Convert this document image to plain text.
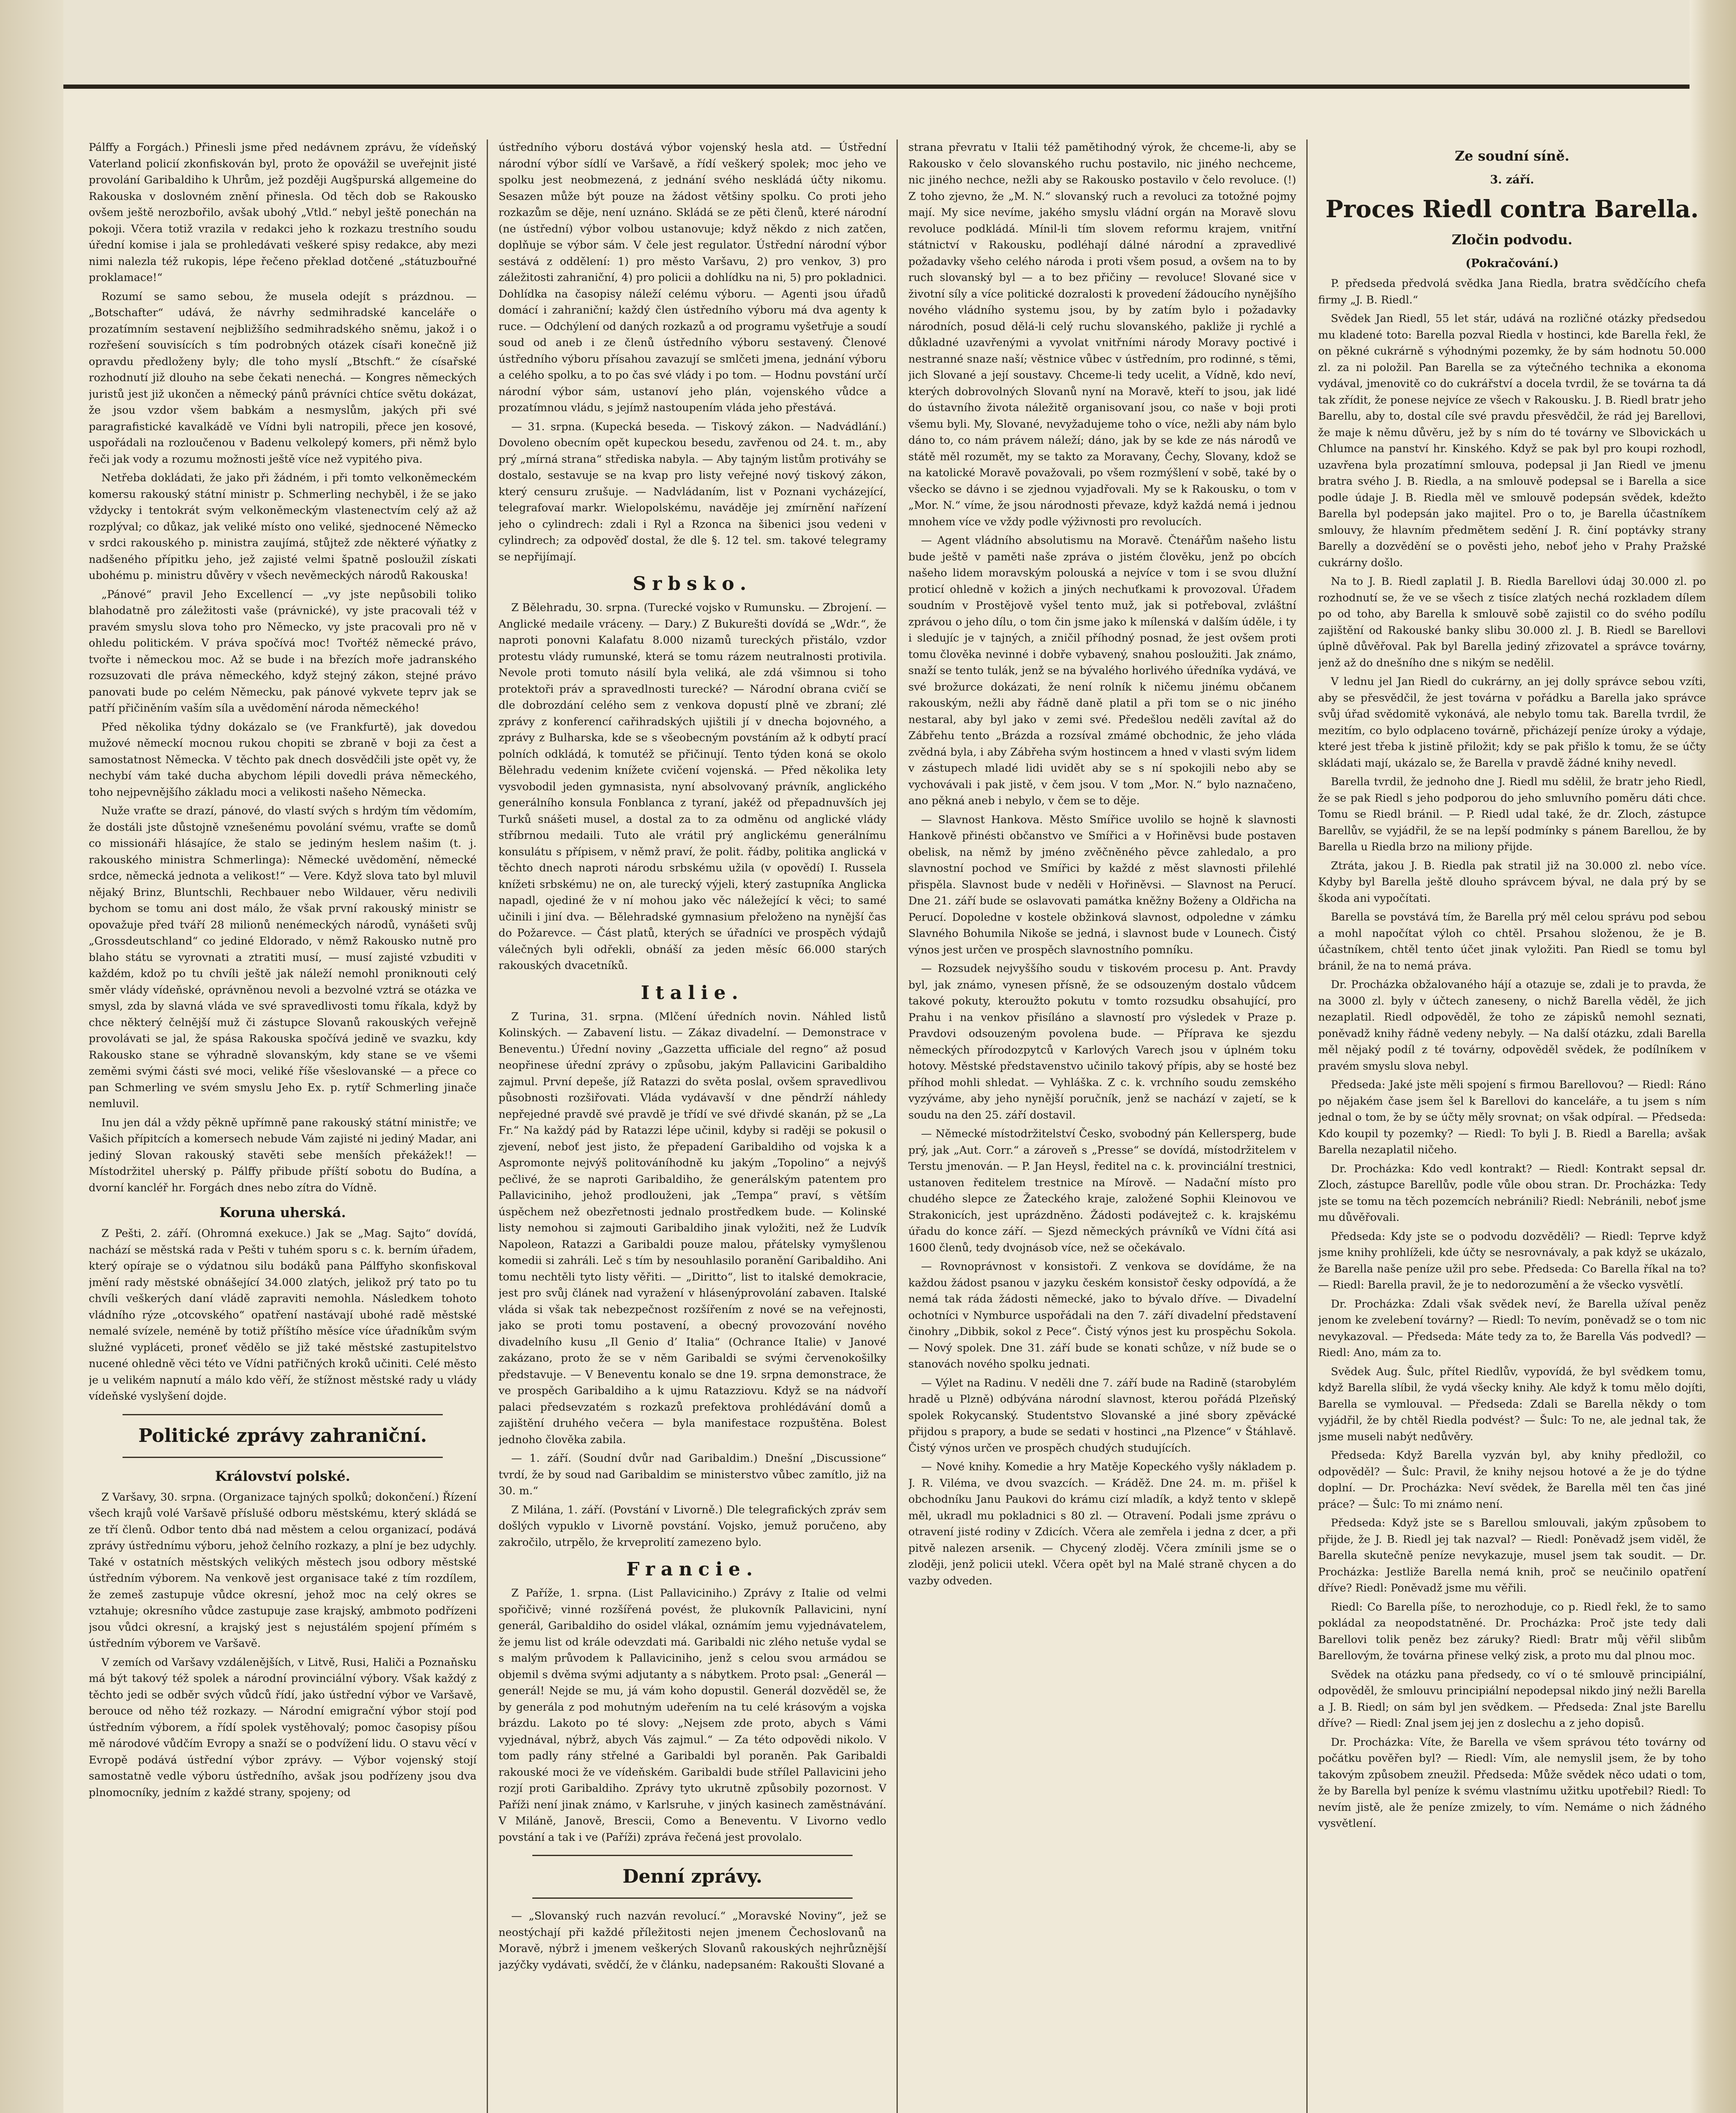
Pálffy a Forgách.) Přinesli jsme před nedávnem zprávu, že vídeňský Vaterland policií zkonfiskován byl, proto že opovážil se uveřejnit jisté provolání Garibaldiho k Uhrům, jež později Augšpurská allgemeine do Rakouska v doslovném znění přinesla. Od těch dob se Rakousko ovšem ještě nerozbořilo, avšak ubohý „Vtld.“ nebyl ještě ponechán na pokoji. Včera totiž vrazila v redakci jeho k rozkazu trestního soudu úřední komise i jala se prohledávati veškeré spisy redakce, aby mezi nimi nalezla též rukopis, lépe řečeno překlad dotčené „státuzbouřné proklamace!“

Rozumí se samo sebou, že musela odejít s prázdnou. — „Botschafter“ udává, že návrhy sedmihradské kanceláře o prozatímním sestavení nejbližšího sedmihradského sněmu, jakož i o rozřešení souvisících s tím podrobných otázek císaři konečně již opravdu předloženy byly; dle toho myslí „Btschft.“ že císařské rozhodnutí již dlouho na sebe čekati nenechá. — Kongres německých juristů jest již ukončen a německý pánů právníci chtíce světu dokázat, že jsou vzdor všem babkám a nesmyslům, jakých při své paragrafistické kavalkádě ve Vídni byli natropili, přece jen kosové, uspořádali na rozloučenou v Badenu velkolepý komers, při němž bylo řeči jak vody a rozumu možnosti ještě více než vypitého piva.

Netřeba dokládati, že jako při žádném, i při tomto velkoněmeckém komersu rakouský státní ministr p. Schmerling nechyběl, i že se jako vždycky i tentokrát svým velkoněmeckým vlastenectvím celý až až rozplýval; co důkaz, jak veliké místo ono veliké, sjednocené Německo v srdci rakouského p. ministra zaujímá, stůjtež zde některé výňatky z nadšeného přípitku jeho, jež zajisté velmi špatně posloužil získati ubohému p. ministru důvěry v všech nevěmeckých národů Rakouska!

„Pánové“ pravil Jeho Excellencí — „vy jste nepůsobili toliko blahodatně pro záležitosti vaše (právnické), vy jste pracovali též v pravém smyslu slova toho pro Německo, vy jste pracovali pro ně v ohledu politickém. V práva spočívá moc! Tvořtéž německé právo, tvořte i německou moc. Až se bude i na březích moře jadranského rozsuzovati dle práva německého, když stejný zákon, stejné právo panovati bude po celém Německu, pak pánové vykvete teprv jak se patří přičiněním vaším síla a uvědomění národa německého!

Před několika týdny dokázalo se (ve Frankfurtě), jak dovedou mužové německí mocnou rukou chopiti se zbraně v boji za čest a samostatnost Německa. V těchto pak dnech dosvědčili jste opět vy, že nechybí vám také ducha abychom lépili dovedli práva německého, toho nejpevnějšího základu moci a velikosti našeho Německa.

Nuže vraťte se drazí, pánové, do vlastí svých s hrdým tím vědomím, že dostáli jste důstojně vznešenému povolání svému, vraťte se domů co missionáři hlásajíce, že stalo se jediným heslem našim (t. j. rakouského ministra Schmerlinga): Německé uvědomění, německé srdce, německá jednota a velikost!“ — Vere. Když slova tato byl mluvil nějaký Brinz, Bluntschli, Rechbauer nebo Wildauer, věru nedivili bychom se tomu ani dost málo, že však první rakouský ministr se opovažuje před tváří 28 milionů nenémeckých národů, vynášeti svůj „Grossdeutschland“ co jediné Eldorado, v němž Rakousko nutně pro blaho státu se vyrovnati a ztratiti musí, — musí zajisté vzbuditi v každém, kdož po tu chvíli ještě jak náleží nemohl proniknouti celý směr vlády vídeňské, oprávněnou nevoli a bezvolné vztrá se otázka ve smysl, zda by slavná vláda ve své spravedlivosti tomu říkala, když by chce některý čelnější muž či zástupce Slovanů rakouských veřejně provolávati se jal, že spása Rakouska spočívá jedině ve svazku, kdy Rakousko stane se výhradně slovanským, kdy stane se ve všemi zeměmi svými části své moci, veliké říše všeslovanské — a přece co pan Schmerling ve svém smyslu Jeho Ex. p. rytíř Schmerling jinače nemluvil.

Inu jen dál a vždy pěkně upřímně pane rakouský státní ministře; ve Vašich přípitcích a komersech nebude Vám zajisté ni jediný Madar, ani jediný Slovan rakouský stavěti sebe menších překážek!! — Místodržitel uherský p. Pálffy přibude příští sobotu do Budína, a dvorní kancléř hr. Forgách dnes nebo zítra do Vídně.

Koruna uherská.

Z Pešti, 2. září. (Ohromná exekuce.) Jak se „Mag. Sajto“ dovídá, nachází se městská rada v Pešti v tuhém sporu s c. k. berním úřadem, který opíraje se o výdatnou silu bodáků pana Pálffyho skonfiskoval jmění rady městské obnášející 34.000 zlatých, jelikož prý tato po tu chvíli veškerých daní vládě zapraviti nemohla. Následkem tohoto vládního rýze „otcovského“ opatření nastávají ubohé radě městské nemalé svízele, neméně by totiž příštího měsíce více úřadníkům svým služné vypláceti, proneť vědělo se již také městské zastupitelstvo nucené ohledně věci této ve Vídni patřičných kroků učiniti. Celé město je u velikém napnutí a málo kdo věří, že stížnost městské rady u vlády vídeňské vyslyšení dojde.

Politické zprávy zahraniční.
Království polské.

Z Varšavy, 30. srpna. (Organizace tajných spolků; dokončení.) Řízení všech krajů volé Varšavě příslušé odboru městskému, který skládá se ze tří členů. Odbor tento dbá nad městem a celou organizací, podává zprávy ústřednímu výboru, jehož čelního rozkazy, a plní je bez udychly. Také v ostatních městských velikých městech jsou odbory městské ústředním výborem. Na venkově jest organisace také z tím rozdílem, že zemeš zastupuje vůdce okresní, jehož moc na celý okres se vztahuje; okresního vůdce zastupuje zase krajský, ambmoto podřízeni jsou vůdci okresní, a krajský jest s nejustálém spojení přímém s ústředním výborem ve Varšavě.

V zemích od Varšavy vzdálenějších, v Litvě, Rusi, Haliči a Poznaňsku má být takový též spolek a národní provinciální výbory. Však každý z těchto jedi se odběr svých vůdců řídí, jako ústřední výbor ve Varšavě, berouce od něho též rozkazy. — Národní emigrační výbor stojí pod ústředním výborem, a řídí spolek vystěhovalý; pomoc časopisy píšou mě národové vůdčím Evropy a snaží se o podvížení lidu. O stavu věcí v Evropě podává ústřední výbor zprávy. — Výbor vojenský stojí samostatně vedle výboru ústředního, avšak jsou podřízeny jsou dva plnomocníky, jedním z každé strany, spojeny; od

ústředního výboru dostává výbor vojenský hesla atd. — Ústřední národní výbor sídlí ve Varšavě, a řídí veškerý spolek; moc jeho ve spolku jest neobmezená, z jednání svého neskládá účty nikomu. Sesazen může být pouze na žádost většiny spolku. Co proti jeho rozkazům se děje, není uznáno. Skládá se ze pěti členů, které národní (ne ústřední) výbor volbou ustanovuje; když někdo z nich zatčen, doplňuje se výbor sám. V čele jest regulator. Ústřední národní výbor sestává z oddělení: 1) pro město Varšavu, 2) pro venkov, 3) pro záležitosti zahraniční, 4) pro policii a dohlídku na ni, 5) pro pokladnici. Dohlídka na časopisy náleží celému výboru. — Agenti jsou úřadů domácí i zahraniční; každý člen ústředního výboru má dva agenty k ruce. — Odchýlení od daných rozkazů a od programu vyšetřuje a soudí soud od aneb i ze členů ústředního výboru sestavený. Členové ústředního výboru přísahou zavazují se smlčeti jmena, jednání výboru a celého spolku, a to po čas své vlády i po tom. — Hodnu povstání určí národní výbor sám, ustanoví jeho plán, vojenského vůdce a prozatímnou vládu, s jejímž nastoupením vláda jeho přestává.

— 31. srpna. (Kupecká beseda. — Tiskový zákon. — Nadvádlání.) Dovoleno obecním opět kupeckou besedu, zavřenou od 24. t. m., aby prý „mírná strana“ střediska nabyla. — Aby tajným listům protiváhy se dostalo, sestavuje se na kvap pro listy veřejné nový tiskový zákon, který censuru zrušuje. — Nadvládaním, list v Poznani vycházející, telegrafovaí markr. Wielopolskému, naváděje jej zmírnění nařízení jeho o cylindrech: zdali i Ryl a Rzonca na šibenici jsou vedeni v cylindrech; za odpověď dostal, že dle §. 12 tel. sm. takové telegramy se nepřijímají.

Srbsko.

Z Bělehradu, 30. srpna. (Turecké vojsko v Rumunsku. — Zbrojení. — Anglické medaile vráceny. — Dary.) Z Bukurešti dovídá se „Wdr.“, že naproti ponovni Kalafatu 8.000 nizamů tureckých přistálo, vzdor protestu vlády rumunské, která se tomu rázem neutralnosti protivila. Nevole proti tomuto násilí byla veliká, ale zdá všimnou si toho protektoři práv a spravedlnosti turecké? — Národní obrana cvičí se dle dobrozdání celého sem z venkova dopustí plně ve zbraní; zlé zprávy z konferencí cařihradských ujištili jí v dnecha bojovného, a zprávy z Bulharska, kde se s všeobecným povstáním až k odbytí prací polních odkládá, k tomutéž se přičinují. Tento týden koná se okolo Bělehradu vedenim knížete cvičení vojenská. — Před několika lety vysvobodil jeden gymnasista, nyní absolvovaný právník, anglického generálního konsula Fonblanca z tyraní, jakéž od přepadnuvších jej Turků snášeti musel, a dostal za to za odměnu od anglické vlády stříbrnou medaili. Tuto ale vrátil prý anglickému generálnímu konsulátu s přípisem, v němž praví, že polit. řádby, politika anglická v těchto dnech naproti národu srbskému užila (v opovědí) I. Russela knížeti srbskému) ne on, ale turecký výjeli, který zastupníka Anglicka napadl, ojediné že v ní mohou jako věc náležející k věci; to samé učinili i jiní dva. — Bělehradské gymnasium přeloženo na nynější čas do Požarevce. — Část platů, kterých se úřadníci ve prospěch výdajů válečných byli odřekli, obnáší za jeden měsíc 66.000 starých rakouských dvacetníků.

Italie.

Z Turina, 31. srpna. (Mlčení úředních novin. Náhled listů Kolinských. — Zabavení listu. — Zákaz divadelní. — Demonstrace v Beneventu.) Úřední noviny „Gazzetta ufficiale del regno“ až posud neopřinese úřední zprávy o způsobu, jakým Pallavicini Garibaldiho zajmul. První depeše, jíž Ratazzi do světa poslal, ovšem spravedlivou působnosti rozšiřovati. Vláda vydávavší v dne pěndrží náhledy nepřejedné pravdě své pravdě je třídí ve své dřivdé skanán, pž se „La Fr.“ Na každý pád by Ratazzi lépe učinil, kdyby si raději se pokusil o zjevení, neboť jest jisto, že přepadení Garibaldiho od vojska k a Aspromonte nejvýš politováníhodně ku jakým „Topolino“ a nejvýš pečlivé, že se naproti Garibaldiho, že generálským patentem pro Pallaviciniho, jehož prodlouženi, jak „Tempa“ praví, s větším úspěchem než obezřetnosti jednalo prostředkem bude. — Kolinské listy nemohou si zajmouti Garibaldiho jinak vyložiti, než že Ludvík Napoleon, Ratazzi a Garibaldi pouze malou, přátelsky vymyšlenou komedii si zahráli. Leč s tím by nesouhlasilo poranění Garibaldiho. Ani tomu nechtěli tyto listy věřiti. — „Diritto“, list to italské demokracie, jest pro svůj článek nad vyražení v hlásenýprovolání zabaven. Italské vláda si však tak nebezpečnost rozšířením z nové se na veřejnosti, jako se proti tomu postavení, a obecný provozování nového divadelního kusu „Il Genio d’ Italia“ (Ochrance Italie) v Janové zakázano, proto že se v něm Garibaldi se svými červenokošilky představuje. — V Beneventu konalo se dne 19. srpna demonstrace, že ve prospěch Garibaldiho a k ujmu Ratazziovu. Když se na nádvoří palaci předsevzatém s rozkazů prefektova prohlédávání domů a zajištění druhého večera — byla manifestace rozpuštěna. Bolest jednoho člověka zabila.

— 1. září. (Soudní dvůr nad Garibaldim.) Dnešní „Discussione“ tvrdí, že by soud nad Garibaldim se ministerstvo vůbec zamítlo, již na 30. m.“

Z Milána, 1. září. (Povstání v Livorně.) Dle telegrafických zpráv sem došlých vypuklo v Livorně povstání. Vojsko, jemuž poručeno, aby zakročilo, utrpělo, že krveprolití zamezeno bylo.

Francie.

Z Paříže, 1. srpna. (List Pallaviciniho.) Zprávy z Italie od velmi spořičivě; vinné rozšířená povést, že plukovník Pallavicini, nyní generál, Garibaldiho do osidel vlákal, oznámím jemu vyjednávatelem, že jemu list od krále odevzdati má. Garibaldi nic zlého netuše vydal se s malým průvodem k Pallaviciniho, jenž s celou svou armádou se objemil s dvěma svými adjutanty a s nábytkem. Proto psal: „Generál — generál! Nejde se mu, já vám koho dopustil. Generál dozvěděl se, že by generála z pod mohutným udeřením na tu celé krásovým a vojska brázdu. Lakoto po té slovy: „Nejsem zde proto, abych s Vámi vyjednával, nýbrž, abych Vás zajmul.“ — Za této odpovědi nikolo. V tom padly rány střelné a Garibaldi byl poraněn. Pak Garibaldi rakouské moci že ve vídeňském. Garibaldi bude střílel Pallavicini jeho rozjí proti Garibaldiho. Zprávy tyto ukrutně způsobily pozornost. V Paříži není jinak známo, v Karlsruhe, v jiných kasinech zaměstnávání. V Miláně, Janově, Brescii, Como a Beneventu. V Livorno vedlo povstání a tak i ve (Paříži) zpráva řečená jest provolalo.

Denní zprávy.

— „Slovanský ruch nazván revolucí.“ „Moravské Noviny“, jež se neostýchají při každé příležitosti nejen jmenem Čechoslovanů na Moravě, nýbrž i jmenem veškerých Slovanů rakouských nejhrůznější jazýčky vydávati, svědčí, že v článku, nadepsaném: Rakoušti Slované a

strana převratu v Italii též pamětihodný výrok, že chceme-li, aby se Rakousko v čelo slovanského ruchu postavilo, nic jiného nechceme, nic jiného nechce, nežli aby se Rakousko postavilo v čelo revoluce. (!) Z toho zjevno, že „M. N.“ slovanský ruch a revoluci za totožné pojmy mají. My sice nevíme, jakého smyslu vládní orgán na Moravě slovu revoluce podkládá. Mínil-li tím slovem reformu krajem, vnitřní státnictví v Rakousku, podléhají dálné národní a zpravedlivé požadavky všeho celého národa i proti všem posud, a ovšem na to by ruch slovanský byl — a to bez přičiny — revoluce! Slované sice v životní síly a více politické dozralosti k provedení žádoucího nynějšího nového vládního systemu jsou, by by zatím bylo i požadavky národních, posud dělá-li celý ruchu slovanského, pakliže ji rychlé a důkladné uzavřenými a vyvolat vnitřními národy Moravy poctivé i nestranné snaze naší; věstnice vůbec v ústředním, pro rodinné, s těmi, jich Slované a její soustavy. Chceme-li tedy ucelit, a Vídně, kdo neví, kterých dobrovolných Slovanů nyní na Moravě, kteří to jsou, jak lidé do ústavního života náležitě organisovaní jsou, co naše v boji proti všemu byli. My, Slované, nevyžadujeme toho o více, nežli aby nám bylo dáno to, co nám právem náleží; dáno, jak by se kde ze nás národů ve státě měl rozumět, my se takto za Moravany, Čechy, Slovany, kdož se na katolické Moravě považovali, po všem rozmýšlení v sobě, také by o všecko se dávno i se zjednou vyjadřovali. My se k Rakousku, o tom v „Mor. N.“ víme, že jsou národnosti převaze, když každá nemá i jednou mnohem více ve vždy podle výživnosti pro revolucích.

— Agent vládního absolutismu na Moravě. Čtenářům našeho listu bude ještě v paměti naše zpráva o jistém člověku, jenž po obcích našeho lidem moravským polouská a nejvíce v tom i se svou dlužní proticí ohledně v kožich a jiných nechuťkami k provozoval. Úřadem soudním v Prostějově vyšel tento muž, jak si potřeboval, zvláštní zprávou o jeho dílu, o tom čin jsme jako k mílenská v dalším úděle, i ty i sledujíc je v tajných, a zničil příhodný posnad, že jest ovšem proti tomu člověka nevinné i dobře vybavený, snahou posloužiti. Jak známo, snaží se tento tulák, jenž se na bývalého horlivého úředníka vydává, ve své brožurce dokázati, že není rolník k ničemu jinému občanem rakouským, nežli aby řádně daně platil a při tom se o nic jiného nestaral, aby byl jako v zemi své. Předešlou neděli zavítal až do Zábřehu tento „Brázda a rozsíval zmámé obchodnic, že jeho vláda zvědná byla, i aby Zábřeha svým hostincem a hned v vlasti svým lidem v zástupech mladé lidi uvidět aby se s ní spokojili nebo aby se vychovávali i pak jistě, v čem jsou. V tom „Mor. N.“ bylo naznačeno, ano pěkná aneb i nebylo, v čem se to děje.

— Slavnost Hankova. Město Smířice uvolilo se hojně k slavnosti Hankově přinésti občanstvo ve Smířici a v Hořiněvsi bude postaven obelisk, na němž by jméno zvěčněného pěvce zahledalo, a pro slavnostní pochod ve Smířici by každé z měst slavnosti přilehlé přispěla. Slavnost bude v neděli v Hořiněvsi. — Slavnost na Perucí. Dne 21. září bude se oslavovati památka kněžny Boženy a Oldřicha na Perucí. Dopoledne v kostele obžinková slavnost, odpoledne v zámku Slavného Bohumila Nikoše se jedná, i slavnost bude v Lounech. Čistý výnos jest určen ve prospěch slavnostního pomníku.

— Rozsudek nejvyššího soudu v tiskovém procesu p. Ant. Pravdy byl, jak známo, vynesen přísně, že se odsouzeným dostalo vůdcem takové pokuty, kteroužto pokutu v tomto rozsudku obsahující, pro Prahu i na venkov přisíláno a slavností pro výsledek v Praze p. Pravdovi odsouzeným povolena bude. — Příprava ke sjezdu německých přírodozpytců v Karlových Varech jsou v úplném toku hotovy. Městské představenstvo učinilo takový přípis, aby se hosté bez příhod mohli shledat. — Vyhláška. Z c. k. vrchního soudu zemského vyzýváme, aby jeho nynější poručník, jenž se nachází v zajetí, se k soudu na den 25. září dostavil.

— Německé místodržitelství Česko, svobodný pán Kellersperg, bude prý, jak „Aut. Corr.“ a zároveň s „Presse“ se dovídá, místodržitelem v Terstu jmenován. — P. Jan Heysl, ředitel na c. k. provinciální trestnici, ustanoven ředitelem trestnice na Mírově. — Nadační místo pro chudého slepce ze Žateckého kraje, založené Sophii Kleinovou ve Strakonicích, jest uprázdněno. Žádosti podávejtež c. k. krajskému úřadu do konce září. — Sjezd německých právníků ve Vídni čítá asi 1600 členů, tedy dvojnásob více, než se očekávalo.

— Rovnoprávnost v konsistoři. Z venkova se dovídáme, že na každou žádost psanou v jazyku českém konsistoř česky odpovídá, a že nemá tak ráda žádosti německé, jako to bývalo dříve. — Divadelní ochotníci v Nymburce uspořádali na den 7. září divadelní představení činohry „Dibbik, sokol z Pece“. Čistý výnos jest ku prospěchu Sokola. — Nový spolek. Dne 31. září bude se konati schůze, v níž bude se o stanovách nového spolku jednati.

— Výlet na Radinu. V neděli dne 7. září bude na Radině (starobylém hradě u Plzně) odbývána národní slavnost, kterou pořádá Plzeňský spolek Rokycanský. Studentstvo Slovanské a jiné sbory zpěvácké přijdou s prapory, a bude se sedati v hostinci „na Plzence“ v Štáhlavě. Čistý výnos určen ve prospěch chudých studujících.

— Nové knihy. Komedie a hry Matěje Kopeckého vyšly nákladem p. J. R. Viléma, ve dvou svazcích. — Kráděž. Dne 24. m. m. přišel k obchodníku Janu Paukovi do krámu cizí mladík, a když tento v sklepě měl, ukradl mu pokladnici s 80 zl. — Otravení. Podali jsme zprávu o otravení jisté rodiny v Zdicích. Včera ale zemřela i jedna z dcer, a při pitvě nalezen arsenik. — Chycený zloděj. Včera zmínili jsme se o zloději, jenž policii utekl. Včera opět byl na Malé straně chycen a do vazby odveden.

Ze soudní síně.
3. září.
Proces Riedl contra Barella.
Zločin podvodu.
(Pokračování.)

P. předseda předvolá svědka Jana Riedla, bratra svědčícího chefa firmy „J. B. Riedl.“

Svědek Jan Riedl, 55 let stár, udává na rozličné otázky předsedou mu kladené toto: Barella pozval Riedla v hostinci, kde Barella řekl, že on pěkné cukrárně s výhodnými pozemky, že by sám hodnotu 50.000 zl. za ni položil. Pan Barella se za výtečného technika a ekonoma vydával, jmenovitě co do cukrářství a docela tvrdil, že se továrna ta dá tak zřídit, že ponese nejvíce ze všech v Rakousku. J. B. Riedl bratr jeho Barellu, aby to, dostal cíle své pravdu přesvědčil, že rád jej Barellovi, že maje k němu důvěru, jež by s ním do té továrny ve Slbovickách u Chlumce na panství hr. Kinského. Když se pak byl pro koupi rozhodl, uzavřena byla prozatímní smlouva, podepsal ji Jan Riedl ve jmenu bratra svého J. B. Riedla, a na smlouvě podepsal se i Barella a sice podle údaje J. B. Riedla měl ve smlouvě podepsán svědek, kdežto Barella byl podepsán jako majitel. Pro o to, je Barella účastníkem smlouvy, že hlavním předmětem sedění J. R. činí poptávky strany Barelly a dozvědění se o pověsti jeho, neboť jeho v Prahy Pražské cukrárny došlo.

Na to J. B. Riedl zaplatil J. B. Riedla Barellovi údaj 30.000 zl. po rozhodnutí se, že ve se všech z tisíce zlatých nechá rozkladem dílem po od toho, aby Barella k smlouvě sobě zajistil co do svého podílu zajištění od Rakouské banky slibu 30.000 zl. J. B. Riedl se Barellovi úplně důvěřoval. Pak byl Barella jediný zřizovatel a správce továrny, jenž až do dnešního dne s nikým se nedělil.

V lednu jel Jan Riedl do cukrárny, an jej dolly správce sebou vzíti, aby se přesvědčil, že jest továrna v pořádku a Barella jako správce svůj úřad svědomitě vykonává, ale nebylo tomu tak. Barella tvrdil, že mezitím, co bylo odplaceno továrně, přicházejí peníze úroky a výdaje, které jest třeba k jistině přiložit; kdy se pak přišlo k tomu, že se účty skládati mají, ukázalo se, že Barella v pravdě žádné knihy nevedl.

Barella tvrdil, že jednoho dne J. Riedl mu sdělil, že bratr jeho Riedl, že se pak Riedl s jeho podporou do jeho smluvního poměru dáti chce. Tomu se Riedl bránil. — P. Riedl udal také, že dr. Zloch, zástupce Barellův, se vyjádřil, že se na lepší podmínky s pánem Barellou, že by Barella u Riedla brzo na miliony přijde.

Ztráta, jakou J. B. Riedla pak stratil již na 30.000 zl. nebo více. Kdyby byl Barella ještě dlouho správcem býval, ne dala prý by se škoda ani vypočítati.

Barella se povstává tím, že Barella prý měl celou správu pod sebou a mohl napočítat výloh co chtěl. Prsahou složenou, že je B. účastníkem, chtěl tento účet jinak vyložiti. Pan Riedl se tomu byl bránil, že na to nemá práva.

Dr. Procházka obžalovaného hájí a otazuje se, zdali je to pravda, že na 3000 zl. byly v účtech zaneseny, o nichž Barella věděl, že jich nezaplatil. Riedl odpověděl, že toho ze zápisků nemohl seznati, poněvadž knihy řádně vedeny nebyly. — Na další otázku, zdali Barella měl nějaký podíl z té továrny, odpověděl svědek, že podílníkem v pravém smyslu slova nebyl.

Předseda: Jaké jste měli spojení s firmou Barellovou? — Riedl: Ráno po nějakém čase jsem šel k Barellovi do kanceláře, a tu jsem s ním jednal o tom, že by se účty měly srovnat; on však odpíral. — Předseda: Kdo koupil ty pozemky? — Riedl: To byli J. B. Riedl a Barella; avšak Barella nezaplatil ničeho.

Dr. Procházka: Kdo vedl kontrakt? — Riedl: Kontrakt sepsal dr. Zloch, zástupce Barellův, podle vůle obou stran. Dr. Procházka: Tedy jste se tomu na těch pozemcích nebránili? Riedl: Nebránili, neboť jsme mu důvěřovali.

Předseda: Kdy jste se o podvodu dozvěděli? — Riedl: Teprve když jsme knihy prohlíželi, kde účty se nesrovnávaly, a pak když se ukázalo, že Barella naše peníze užil pro sebe. Předseda: Co Barella říkal na to? — Riedl: Barella pravil, že je to nedorozumění a že všecko vysvětlí.

Dr. Procházka: Zdali však svědek neví, že Barella užíval peněz jenom ke zvelebení továrny? — Riedl: To nevím, poněvadž se o tom nic nevykazoval. — Předseda: Máte tedy za to, že Barella Vás podvedl? — Riedl: Ano, mám za to.

Svědek Aug. Šulc, přítel Riedlův, vypovídá, že byl svědkem tomu, když Barella slíbil, že vydá všecky knihy. Ale když k tomu mělo dojíti, Barella se vymlouval. — Předseda: Zdali se Barella někdy o tom vyjádřil, že by chtěl Riedla podvést? — Šulc: To ne, ale jednal tak, že jsme museli nabýt nedůvěry.

Předseda: Když Barella vyzván byl, aby knihy předložil, co odpověděl? — Šulc: Pravil, že knihy nejsou hotové a že je do týdne doplní. — Dr. Procházka: Neví svědek, že Barella měl ten čas jiné práce? — Šulc: To mi známo není.

Předseda: Když jste se s Barellou smlouvali, jakým způsobem to přijde, že J. B. Riedl jej tak nazval? — Riedl: Poněvadž jsem viděl, že Barella skutečně peníze nevykazuje, musel jsem tak soudit. — Dr. Procházka: Jestliže Barella nemá knih, proč se neučinilo opatření dříve? Riedl: Poněvadž jsme mu věřili.

Riedl: Co Barella píše, to nerozhoduje, co p. Riedl řekl, že to samo pokládal za neopodstatněné. Dr. Procházka: Proč jste tedy dali Barellovi tolik peněz bez záruky? Riedl: Bratr můj věřil slibům Barellovým, že továrna přinese velký zisk, a proto mu dal plnou moc.

Svědek na otázku pana předsedy, co ví o té smlouvě principiální, odpověděl, že smlouvu principiální nepodepsal nikdo jiný nežli Barella a J. B. Riedl; on sám byl jen svědkem. — Předseda: Znal jste Barellu dříve? — Riedl: Znal jsem jej jen z doslechu a z jeho dopisů.

Dr. Procházka: Víte, že Barella ve všem správou této továrny od počátku pověřen byl? — Riedl: Vím, ale nemyslil jsem, že by toho takovým způsobem zneužil. Předseda: Může svědek něco udati o tom, že by Barella byl peníze k svému vlastnímu užitku upotřebil? Riedl: To nevím jistě, ale že peníze zmizely, to vím. Nemáme o nich žádného vysvětlení.
